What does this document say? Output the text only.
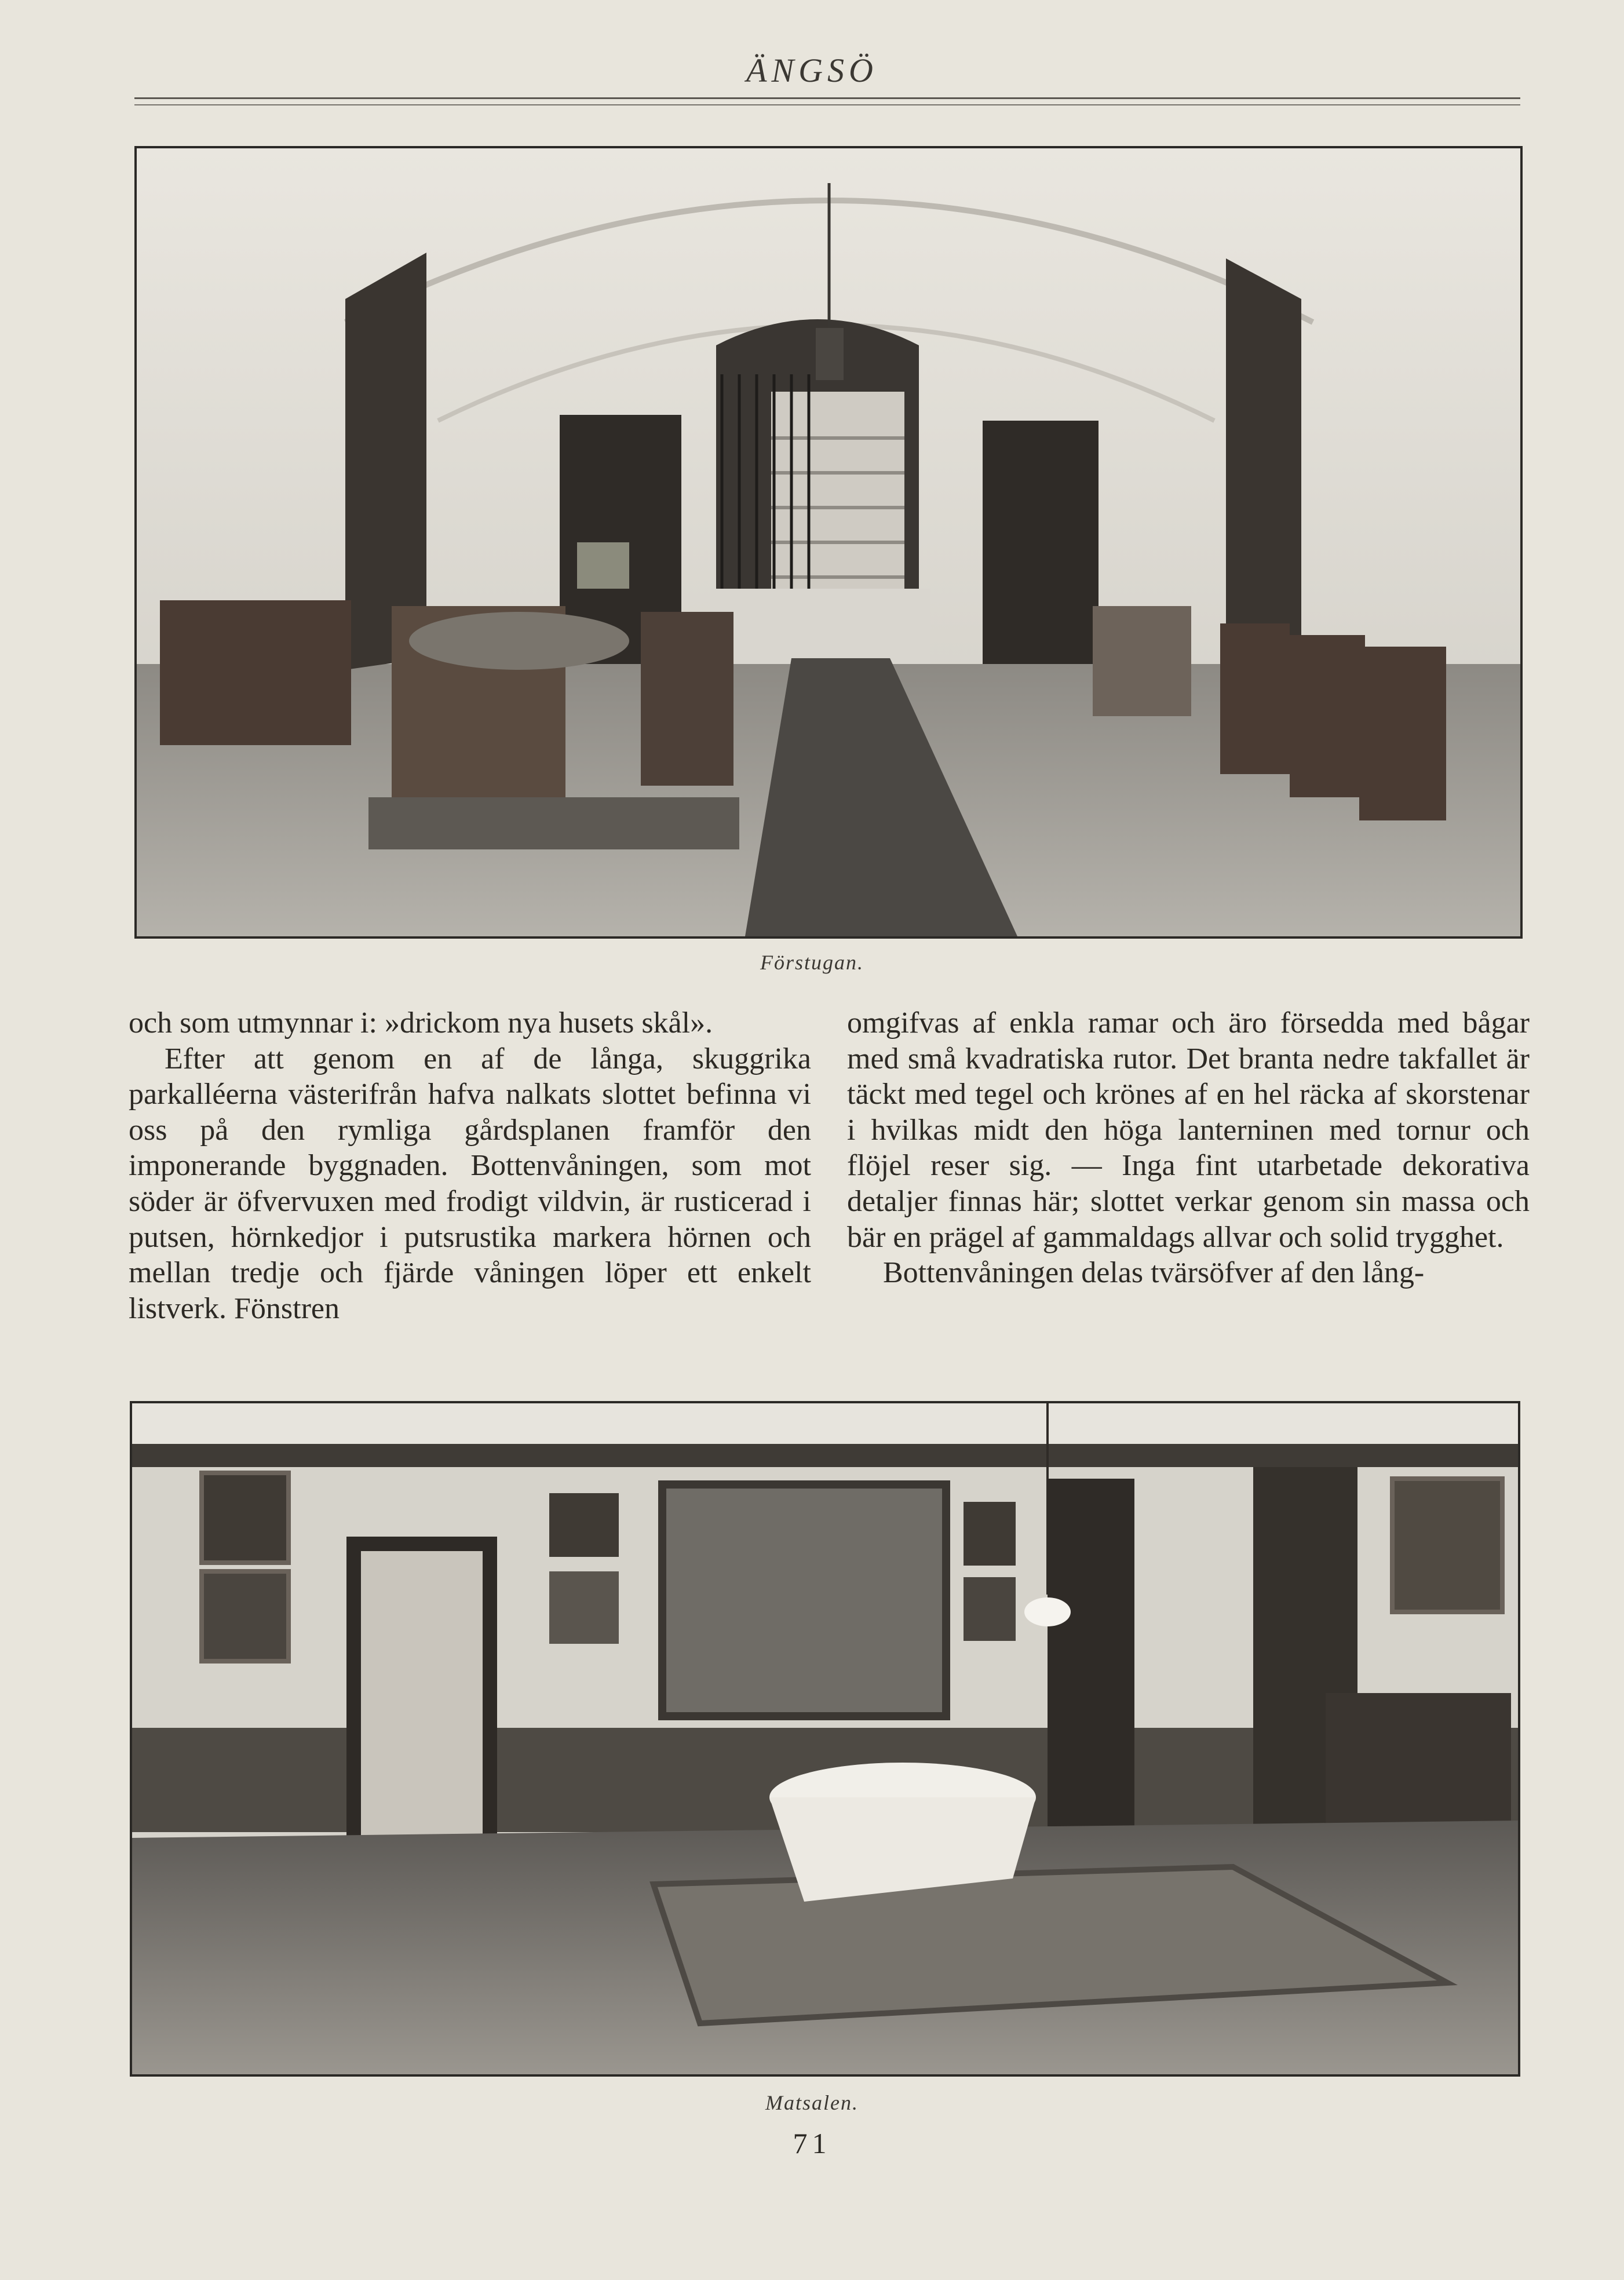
ÄNGSÖ
Förstugan.

och som utmynnar i: »drickom nya husets skål».

Efter att genom en af de långa, skuggrika parkalléerna västerifrån hafva nalkats slottet befinna vi oss på den rymliga gårdsplanen framför den imponerande byggnaden. Bottenvåningen, som mot söder är öfvervuxen med frodigt vildvin, är rusticerad i putsen, hörnkedjor i putsrustika markera hörnen och mellan tredje och fjärde våningen löper ett enkelt listverk. Fönstren

omgifvas af enkla ramar och äro försedda med bågar med små kvadratiska rutor. Det branta nedre takfallet är täckt med tegel och krönes af en hel räcka af skorstenar i hvilkas midt den höga lanterninen med tornur och flöjel reser sig. — Inga fint utarbetade dekorativa detaljer finnas här; slottet verkar genom sin massa och bär en prägel af gammaldags allvar och solid trygghet.

Bottenvåningen delas tvärsöfver af den lång-

Matsalen.
71
